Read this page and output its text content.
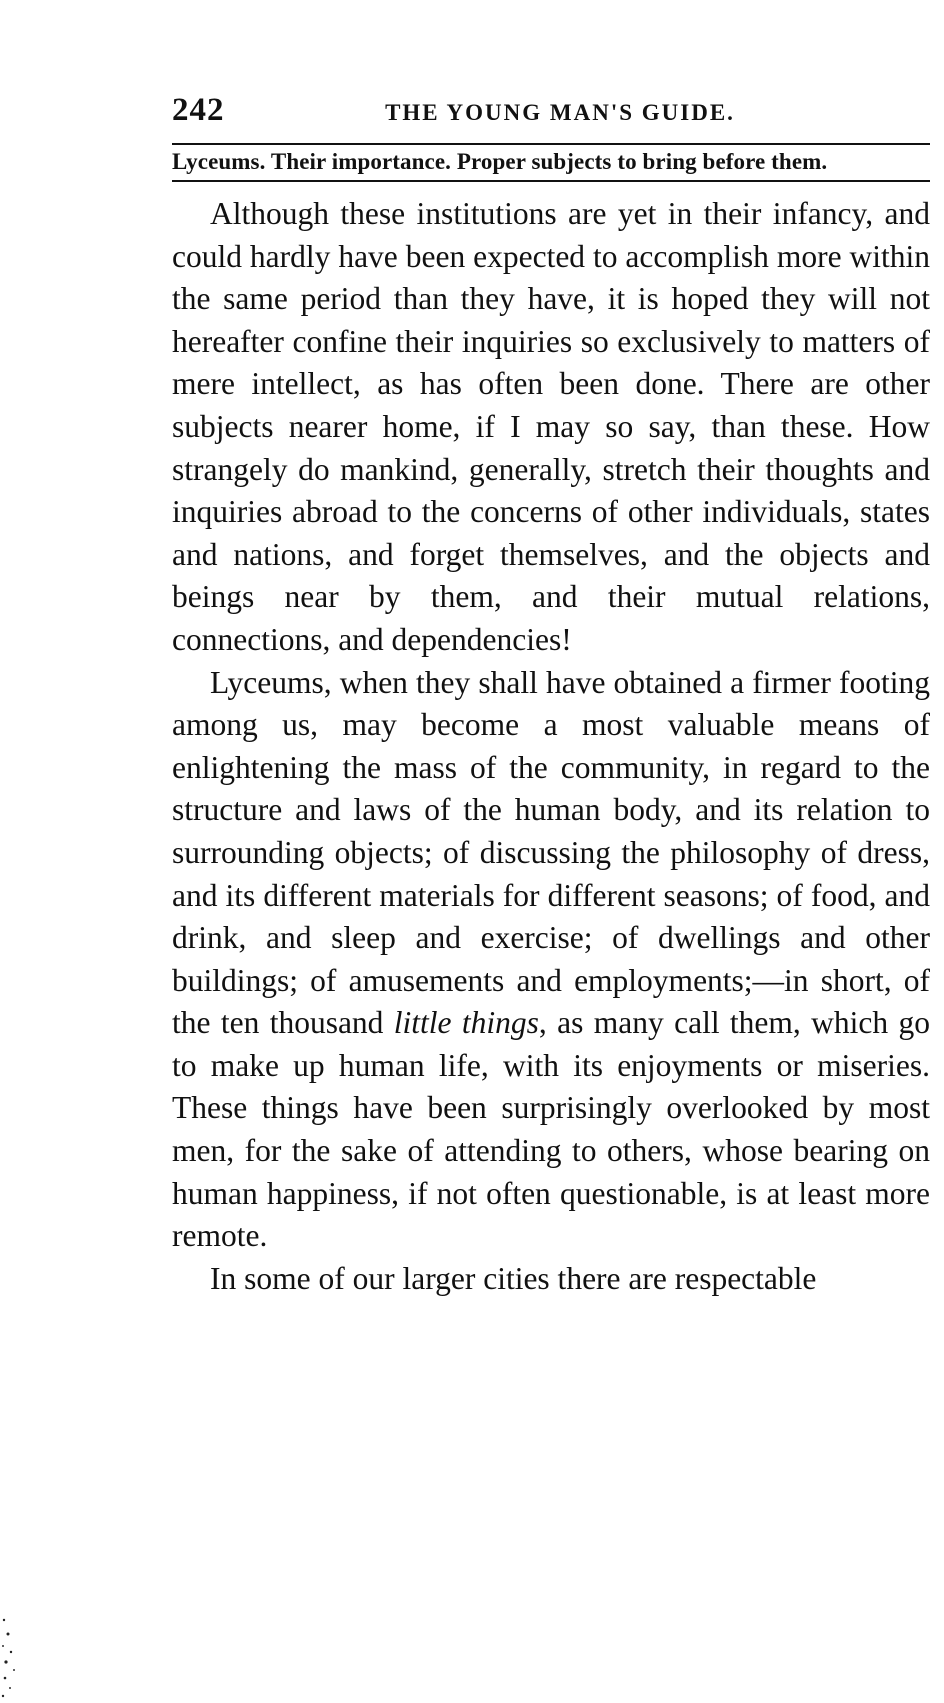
242	THE YOUNG MAN'S GUIDE.
Lyceums. Their importance. Proper subjects to bring before them.

Although these institutions are yet in their infancy, and could hardly have been expected to accomplish more within the same period than they have, it is hoped they will not hereafter confine their inquiries so exclusively to matters of mere intellect, as has often been done. There are other subjects nearer home, if I may so say, than these. How strangely do mankind, generally, stretch their thoughts and inquiries abroad to the concerns of other individuals, states and nations, and forget themselves, and the objects and beings near by them, and their mutual relations, connections, and dependencies!

Lyceums, when they shall have obtained a firmer footing among us, may become a most valuable means of enlightening the mass of the community, in regard to the structure and laws of the human body, and its relation to surrounding objects; of discussing the philosophy of dress, and its different materials for different seasons; of food, and drink, and sleep and exercise; of dwellings and other buildings; of amusements and employments;—in short, of the ten thousand little things, as many call them, which go to make up human life, with its enjoyments or miseries. These things have been surprisingly overlooked by most men, for the sake of attending to others, whose bearing on human happiness, if not often questionable, is at least more remote.

In some of our larger cities there are respectable
